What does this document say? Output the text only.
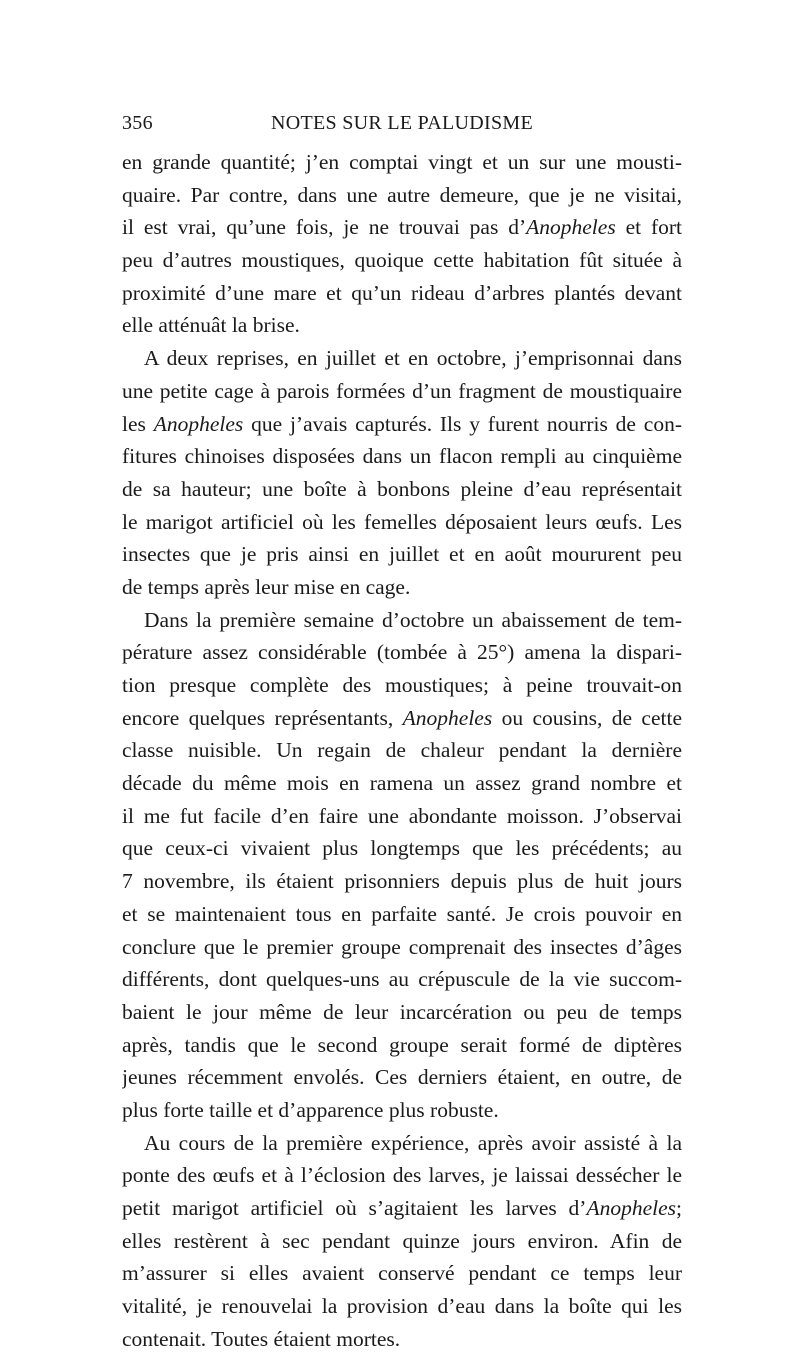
356	NOTES SUR LE PALUDISME
en grande quantité; j’en comptai vingt et un sur une mousti-
quaire. Par contre, dans une autre demeure, que je ne visitai,
il est vrai, qu’une fois, je ne trouvai pas d’Anopheles et fort
peu d’autres moustiques, quoique cette habitation fût située à
proximité d’une mare et qu’un rideau d’arbres plantés devant
elle atténuât la brise.
A deux reprises, en juillet et en octobre, j’emprisonnai dans
une petite cage à parois formées d’un fragment de moustiquaire
les Anopheles que j’avais capturés. Ils y furent nourris de con-
fitures chinoises disposées dans un flacon rempli au cinquième
de sa hauteur; une boîte à bonbons pleine d’eau représentait
le marigot artificiel où les femelles déposaient leurs œufs. Les
insectes que je pris ainsi en juillet et en août moururent peu
de temps après leur mise en cage.
Dans la première semaine d’octobre un abaissement de tem-
pérature assez considérable (tombée à 25°) amena la dispari-
tion presque complète des moustiques; à peine trouvait-on
encore quelques représentants, Anopheles ou cousins, de cette
classe nuisible. Un regain de chaleur pendant la dernière
décade du même mois en ramena un assez grand nombre et
il me fut facile d’en faire une abondante moisson. J’observai
que ceux-ci vivaient plus longtemps que les précédents; au
7 novembre, ils étaient prisonniers depuis plus de huit jours
et se maintenaient tous en parfaite santé. Je crois pouvoir en
conclure que le premier groupe comprenait des insectes d’âges
différents, dont quelques-uns au crépuscule de la vie succom-
baient le jour même de leur incarcération ou peu de temps
après, tandis que le second groupe serait formé de diptères
jeunes récemment envolés. Ces derniers étaient, en outre, de
plus forte taille et d’apparence plus robuste.
Au cours de la première expérience, après avoir assisté à la
ponte des œufs et à l’éclosion des larves, je laissai dessécher le
petit marigot artificiel où s’agitaient les larves d’Anopheles;
elles restèrent à sec pendant quinze jours environ. Afin de
m’assurer si elles avaient conservé pendant ce temps leur
vitalité, je renouvelai la provision d’eau dans la boîte qui les
contenait. Toutes étaient mortes.
